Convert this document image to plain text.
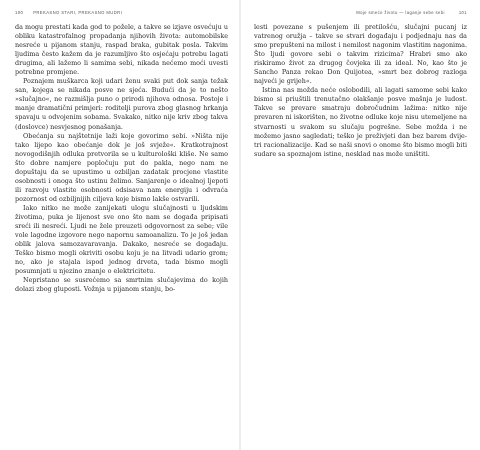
100 PREKASNO STARI, PREKASNO MUDRI

da mogu prestati kada god to požele, a takve se izjave osvećuju u obliku katastrofalnog propadanja njihovih života: automobilske nesreće u pijanom stanju, raspad braka, gubitak posla. Takvim ljudima često kažem da je razumljivo što osjećaju potrebu lagati drugima, ali lažemo li samima sebi, nikada nećemo moći uvesti potrebne promjene.

Poznajem muškarca koji udari ženu svaki put dok sanja težak san, kojega se nikada posve ne sjeća. Budući da je to nešto »slučajno«, ne razmišlja puno o prirodi njihova odnosa. Postoje i manje dramatični primjeri: roditelji purova zbog glasnog hrkanja spavaju u odvojenim sobama. Svakako, nitko nije kriv zbog takva (doslovce) nesvjesnog ponašanja.

Obećanja su najštetnije laži koje govorimo sebi. »Ništa nije tako lijepo kao obećanje dok je još svježe«. Kratkotrajnost novogodišnjih odluka pretvorila se u kulturološki kliše. Ne samo što dobre namjere popločuju put do pakla, nego nam ne dopuštaju da se upustimo u ozbiljan zadatak procjene vlastite osobnosti i onoga što ustinu želimo. Sanjarenje o idealnoj ljepoti ili razvoju vlastite osobnosti odsisava nam energiju i odvraća pozornost od ozbiljnijih ciljeva koje bismo lakše ostvarili.

Iako nitko ne može zanijekati ulogu slučajnosti u ljudskim životima, puka je lijenost sve ono što nam se događa pripisati sreći ili nesreći. Ljudi ne žele preuzeti odgovornost za sebe; vile vole lagodne izgovore nego napornu samoanalizu. To je još jedan oblik jalova samozavaravanja. Dakako, nesreće se događaju. Teško bismo mogli okriviti osobu koju je na litvadi udario grom; no, ako je stajala ispod jednog drveta, tada bismo mogli posumnjati u njezino znanje o elektricitetu.

Nepristano se susrećemo sa smrtnim slučajevima do kojih dolazi zbog gluposti. Vožnja u pijanom stanju, bo-

Moje smeće životu — laganje sebe sebi	101

lesti povezane s pušenjem ili pretilošću, slučajni pucanj iz vatrenog oružja – takve se stvari događaju i podjednaju nas da smo prepušteni na milost i nemilost nagonim vlastitim nagonima. Što ljudi govore sebi o takvim rizicima? Hrabri smo ako riskiramo život za drugog čovjeka ili za ideal. No, kao što je Sancho Panza rekao Don Quijotea, »smrt bez dobrog razloga najveći je grijeh«.

Istina nas možda neće oslobodili, ali lagati samome sebi kako bismo si priuštili trenutačno olakšanje posve mašnja je ludost. Takve se prevare smatraju dobročudnim lažima: nitko nije prevaren ni iskorišten, no životne odluke koje nisu utemeljene na stvarnosti u svakom su slučaju pogrešne. Sebe možda i ne možemo jasno sagledati; teško je preživjeti dan bez barem dvije-tri racionalizacije. Kad se naši snovi o onome što bismo mogli biti sudare sa spoznajom istine, nesklad nas može uništiti.
